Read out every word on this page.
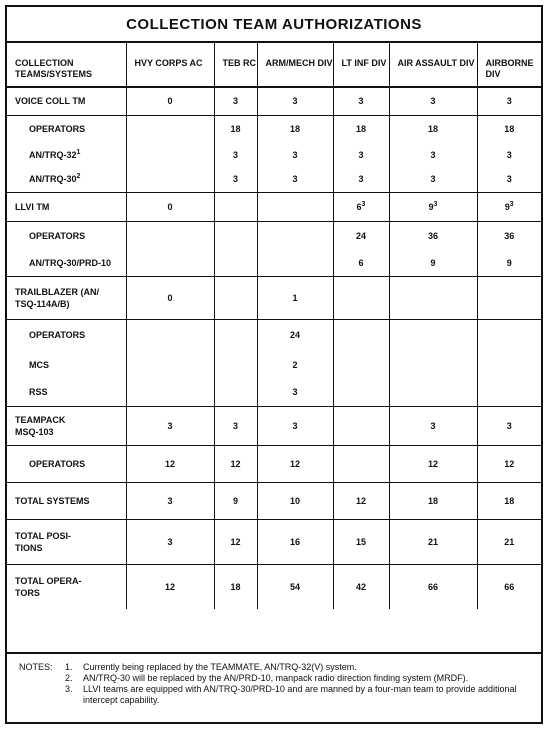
COLLECTION TEAM AUTHORIZATIONS
COLLECTION TEAMS/SYSTEMS	HVY CORPS AC	TEB RC	ARM/MECH DIV	LT INF DIV	AIR ASSAULT DIV	AIRBORNE DIV
VOICE COLL TM	0	3	3	3	3	3
OPERATORS		18	18	18	18	18
$AN/TRQ-32^1$		3	3	3	3	3
$AN/TRQ-30^2$		3	3	3	3	3
LLVI TM	0			$6^3$	$9^3$	$9^3$
OPERATORS				24	36	36
AN/TRQ-30/PRD-10				6	9	9
TRAILBLAZER (AN/
TSQ-114A/B)	0		1			
OPERATORS			24			
MCS			2			
RSS			3			
TEAMPACK
MSQ-103	3	3	3		3	3
OPERATORS	12	12	12		12	12
TOTAL SYSTEMS	3	9	10	12	18	18
TOTAL POSI-
TIONS	3	12	16	15	21	21
TOTAL OPERA-
TORS	12	18	54	42	66	66
NOTES:	1.	Currently being replaced by the TEAMMATE, AN/TRQ-32(V) system.
2.	AN/TRQ-30 will be replaced by the AN/PRD-10, manpack radio direction finding system (MRDF).
3.	LLVI teams are equipped with AN/TRQ-30/PRD-10 and are manned by a four-man team to provide additional intercept capability.
